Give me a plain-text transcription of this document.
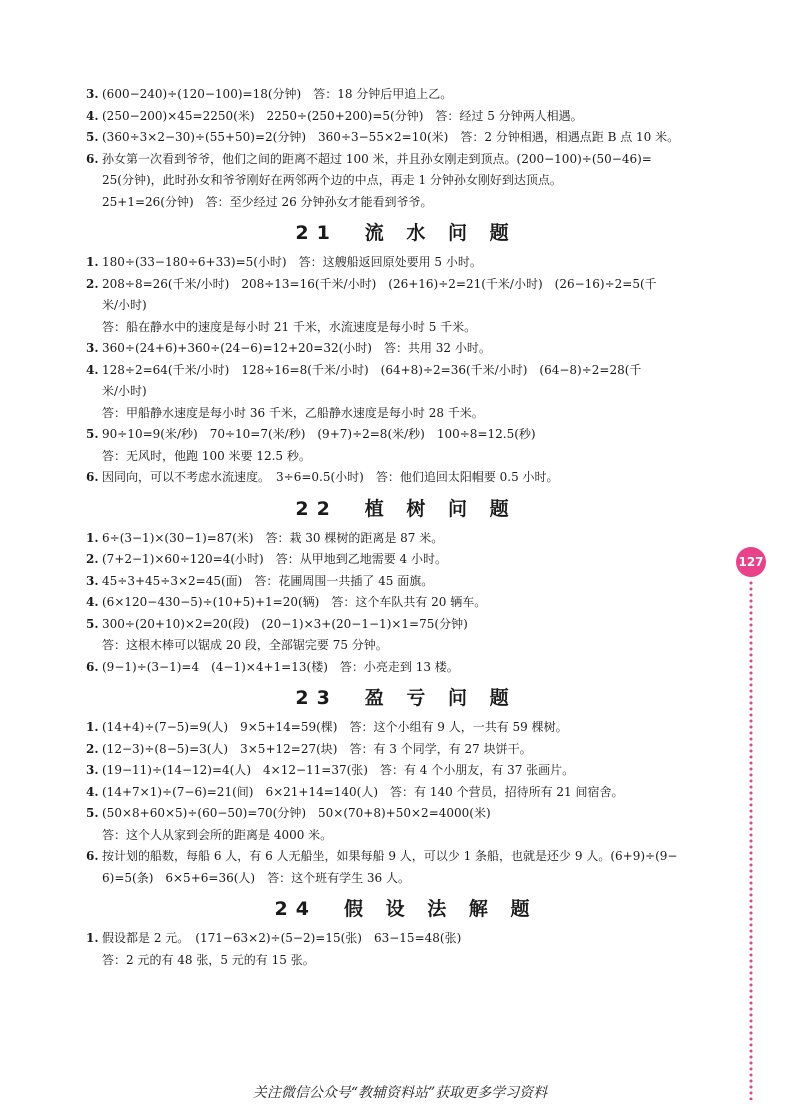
3. (600−240)÷(120−100)=18(分钟)　答：18 分钟后甲追上乙。

4. (250−200)×45=2250(米)　2250÷(250+200)=5(分钟)　答：经过 5 分钟两人相遇。

5. (360÷3×2−30)÷(55+50)=2(分钟)　360÷3−55×2=10(米)　答：2 分钟相遇，相遇点距 B 点 10 米。

6. 孙女第一次看到爷爷，他们之间的距离不超过 100 米，并且孙女刚走到顶点。(200−100)÷(50−46)=

25(分钟)，此时孙女和爷爷刚好在两邻两个边的中点，再走 1 分钟孙女刚好到达顶点。

25+1=26(分钟)　答：至少经过 26 分钟孙女才能看到爷爷。

21　流 水 问 题

1. 180÷(33−180÷6+33)=5(小时)　答：这艘船返回原处要用 5 小时。

2. 208÷8=26(千米/小时)　208÷13=16(千米/小时)　(26+16)÷2=21(千米/小时)　(26−16)÷2=5(千

米/小时)

答：船在静水中的速度是每小时 21 千米，水流速度是每小时 5 千米。

3. 360÷(24+6)+360÷(24−6)=12+20=32(小时)　答：共用 32 小时。

4. 128÷2=64(千米/小时)　128÷16=8(千米/小时)　(64+8)÷2=36(千米/小时)　(64−8)÷2=28(千

米/小时)

答：甲船静水速度是每小时 36 千米，乙船静水速度是每小时 28 千米。

5. 90÷10=9(米/秒)　70÷10=7(米/秒)　(9+7)÷2=8(米/秒)　100÷8=12.5(秒)

答：无风时，他跑 100 米要 12.5 秒。

6. 因同向，可以不考虑水流速度。　3÷6=0.5(小时)　答：他们追回太阳帽要 0.5 小时。

22　植 树 问 题

1. 6÷(3−1)×(30−1)=87(米)　答：栽 30 棵树的距离是 87 米。

2. (7+2−1)×60÷120=4(小时)　答：从甲地到乙地需要 4 小时。

3. 45÷3+45÷3×2=45(面)　答：花圃周围一共插了 45 面旗。

4. (6×120−430−5)÷(10+5)+1=20(辆)　答：这个车队共有 20 辆车。

5. 300÷(20+10)×2=20(段)　(20−1)×3+(20−1−1)×1=75(分钟)

答：这根木棒可以锯成 20 段，全部锯完要 75 分钟。

6. (9−1)÷(3−1)=4　(4−1)×4+1=13(楼)　答：小亮走到 13 楼。

23　盈 亏 问 题

1. (14+4)÷(7−5)=9(人)　9×5+14=59(棵)　答：这个小组有 9 人，一共有 59 棵树。

2. (12−3)÷(8−5)=3(人)　3×5+12=27(块)　答：有 3 个同学，有 27 块饼干。

3. (19−11)÷(14−12)=4(人)　4×12−11=37(张)　答：有 4 个小朋友，有 37 张画片。

4. (14+7×1)÷(7−6)=21(间)　6×21+14=140(人)　答：有 140 个营员，招待所有 21 间宿舍。

5. (50×8+60×5)÷(60−50)=70(分钟)　50×(70+8)+50×2=4000(米)

答：这个人从家到会所的距离是 4000 米。

6. 按计划的船数，每船 6 人，有 6 人无船坐，如果每船 9 人，可以少 1 条船，也就是还少 9 人。(6+9)÷(9−

6)=5(条)　6×5+6=36(人)　答：这个班有学生 36 人。

24　假 设 法 解 题

1. 假设都是 2 元。　(171−63×2)÷(5−2)=15(张)　63−15=48(张)

答：2 元的有 48 张，5 元的有 15 张。

127
关注微信公众号“教辅资料站”获取更多学习资料
